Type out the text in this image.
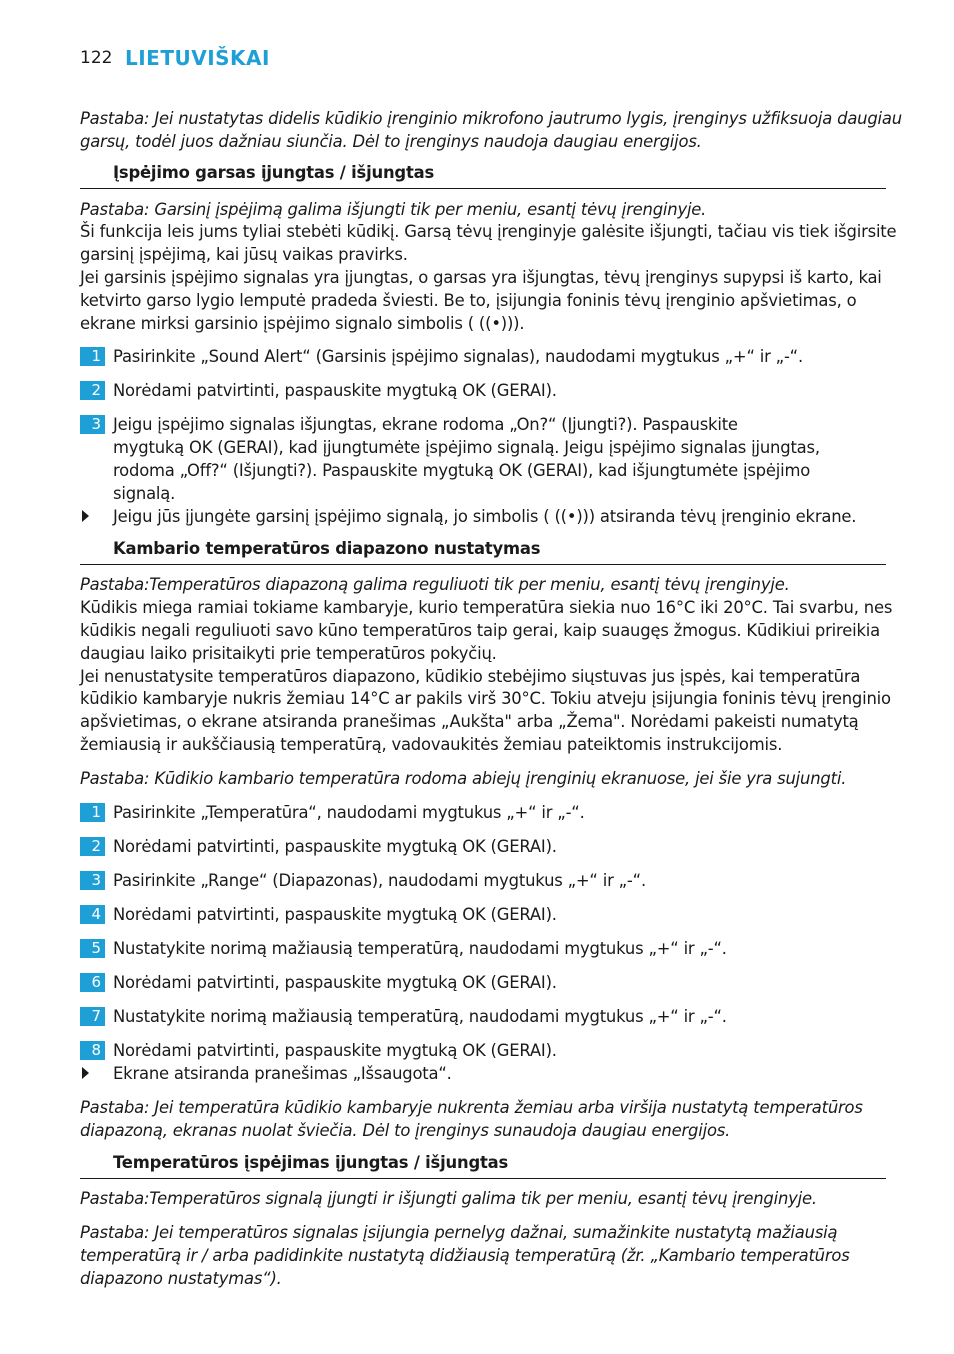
122 LIETUVIŠKAI
Pastaba: Jei nustatytas didelis kūdikio įrenginio mikrofono jautrumo lygis, įrenginys užfiksuoja daugiau
garsų, todėl juos dažniau siunčia. Dėl to įrenginys naudoja daugiau energijos.
Įspėjimo garsas įjungtas / išjungtas
Pastaba: Garsinį įspėjimą galima išjungti tik per meniu, esantį tėvų įrenginyje.
Ši funkcija leis jums tyliai stebėti kūdikį. Garsą tėvų įrenginyje galėsite išjungti, tačiau vis tiek išgirsite
garsinį įspėjimą, kai jūsų vaikas pravirks.
Jei garsinis įspėjimo signalas yra įjungtas, o garsas yra išjungtas, tėvų įrenginys supypsi iš karto, kai
ketvirto garso lygio lemputė pradeda šviesti. Be to, įsijungia foninis tėvų įrenginio apšvietimas, o
ekrane mirksi garsinio įspėjimo signalo simbolis ( ((•))).
1 Pasirinkite „Sound Alert“ (Garsinis įspėjimo signalas), naudodami mygtukus „+“ ir „-“.
2 Norėdami patvirtinti, paspauskite mygtuką OK (GERAI).
3 Jeigu įspėjimo signalas išjungtas, ekrane rodoma „On?“ (Įjungti?). Paspauskite
mygtuką OK (GERAI), kad įjungtumėte įspėjimo signalą. Jeigu įspėjimo signalas įjungtas,
rodoma „Off?“ (Išjungti?). Paspauskite mygtuką OK (GERAI), kad išjungtumėte įspėjimo
signalą.
Jeigu jūs įjungėte garsinį įspėjimo signalą, jo simbolis ( ((•))) atsiranda tėvų įrenginio ekrane.
Kambario temperatūros diapazono nustatymas
Pastaba:Temperatūros diapazoną galima reguliuoti tik per meniu, esantį tėvų įrenginyje.
Kūdikis miega ramiai tokiame kambaryje, kurio temperatūra siekia nuo 16°C iki 20°C. Tai svarbu, nes
kūdikis negali reguliuoti savo kūno temperatūros taip gerai, kaip suaugęs žmogus. Kūdikiui prireikia
daugiau laiko prisitaikyti prie temperatūros pokyčių.
Jei nenustatysite temperatūros diapazono, kūdikio stebėjimo siųstuvas jus įspės, kai temperatūra
kūdikio kambaryje nukris žemiau 14°C ar pakils virš 30°C. Tokiu atveju įsijungia foninis tėvų įrenginio
apšvietimas, o ekrane atsiranda pranešimas „Aukšta" arba „Žema". Norėdami pakeisti numatytą
žemiausią ir aukščiausią temperatūrą, vadovaukitės žemiau pateiktomis instrukcijomis.
Pastaba: Kūdikio kambario temperatūra rodoma abiejų įrenginių ekranuose, jei šie yra sujungti.
1 Pasirinkite „Temperatūra“, naudodami mygtukus „+“ ir „-“.
2 Norėdami patvirtinti, paspauskite mygtuką OK (GERAI).
3 Pasirinkite „Range“ (Diapazonas), naudodami mygtukus „+“ ir „-“.
4 Norėdami patvirtinti, paspauskite mygtuką OK (GERAI).
5 Nustatykite norimą mažiausią temperatūrą, naudodami mygtukus „+“ ir „-“.
6 Norėdami patvirtinti, paspauskite mygtuką OK (GERAI).
7 Nustatykite norimą mažiausią temperatūrą, naudodami mygtukus „+“ ir „-“.
8 Norėdami patvirtinti, paspauskite mygtuką OK (GERAI).
Ekrane atsiranda pranešimas „Išsaugota“.
Pastaba: Jei temperatūra kūdikio kambaryje nukrenta žemiau arba viršija nustatytą temperatūros
diapazoną, ekranas nuolat šviečia. Dėl to įrenginys sunaudoja daugiau energijos.
Temperatūros įspėjimas įjungtas / išjungtas
Pastaba:Temperatūros signalą įjungti ir išjungti galima tik per meniu, esantį tėvų įrenginyje.
Pastaba: Jei temperatūros signalas įsijungia pernelyg dažnai, sumažinkite nustatytą mažiausią
temperatūrą ir / arba padidinkite nustatytą didžiausią temperatūrą (žr. „Kambario temperatūros
diapazono nustatymas“).
